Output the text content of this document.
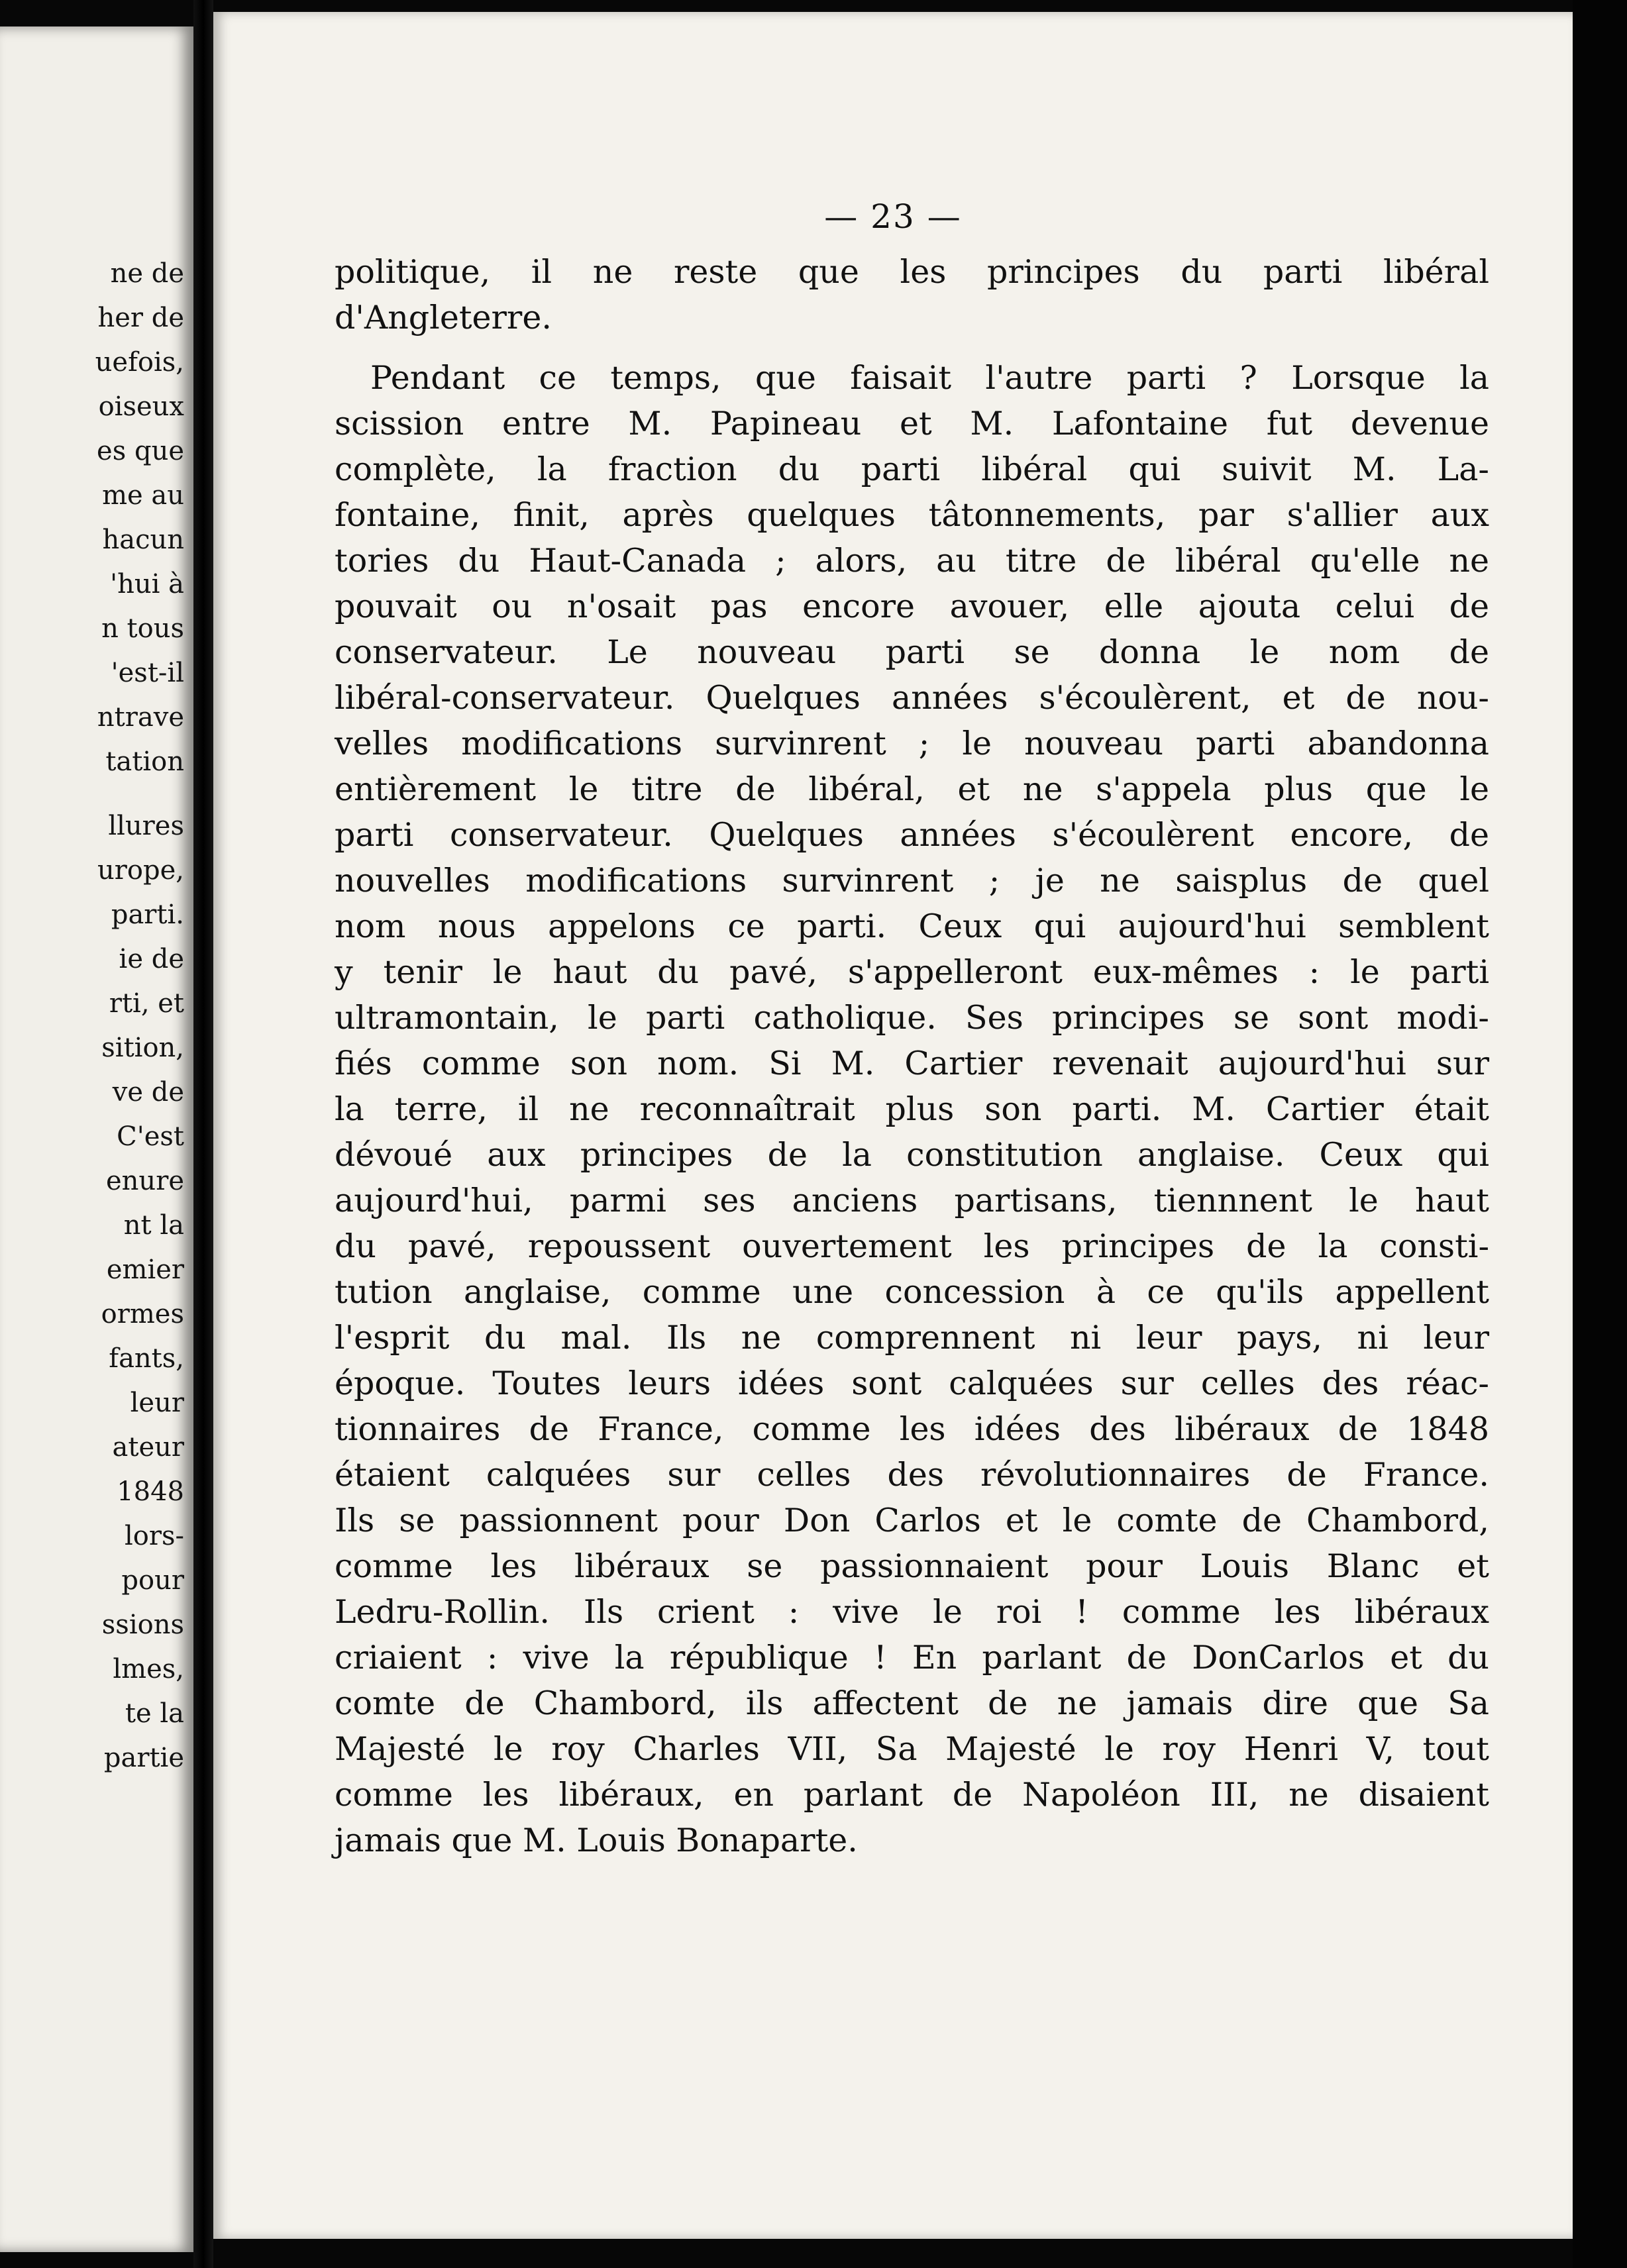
ne de
her de
uefois,
oiseux
es que
me au
hacun
'hui à
n tous
'est-il
ntrave
tation
llures
urope,
parti.
ie de
rti, et
sition,
ve de
C'est
enure
nt la
emier
ormes
fants,
leur
ateur
1848
lors-
pour
ssions
lmes,
te la
partie
— 23 —
politique, il ne reste que les principes du parti libéral
d'Angleterre.
Pendant ce temps, que faisait l'autre parti ? Lorsque la
scission entre M. Papineau et M. Lafontaine fut devenue
complète, la fraction du parti libéral qui suivit M. La-
fontaine, finit, après quelques tâtonnements, par s'allier aux
tories du Haut-Canada ; alors, au titre de libéral qu'elle ne
pouvait ou n'osait pas encore avouer, elle ajouta celui de
conservateur. Le nouveau parti se donna le nom de
libéral-conservateur. Quelques années s'écoulèrent, et de nou-
velles modifications survinrent ; le nouveau parti abandonna
entièrement le titre de libéral, et ne s'appela plus que le
parti conservateur. Quelques années s'écoulèrent encore, de
nouvelles modifications survinrent ; je ne saisplus de quel
nom nous appelons ce parti. Ceux qui aujourd'hui semblent
y tenir le haut du pavé, s'appelleront eux-mêmes : le parti
ultramontain, le parti catholique. Ses principes se sont modi-
fiés comme son nom. Si M. Cartier revenait aujourd'hui sur
la terre, il ne reconnaîtrait plus son parti. M. Cartier était
dévoué aux principes de la constitution anglaise. Ceux qui
aujourd'hui, parmi ses anciens partisans, tiennnent le haut
du pavé, repoussent ouvertement les principes de la consti-
tution anglaise, comme une concession à ce qu'ils appellent
l'esprit du mal. Ils ne comprennent ni leur pays, ni leur
époque. Toutes leurs idées sont calquées sur celles des réac-
tionnaires de France, comme les idées des libéraux de 1848
étaient calquées sur celles des révolutionnaires de France.
Ils se passionnent pour Don Carlos et le comte de Chambord,
comme les libéraux se passionnaient pour Louis Blanc et
Ledru-Rollin. Ils crient : vive le roi ! comme les libéraux
criaient : vive la république ! En parlant de DonCarlos et du
comte de Chambord, ils affectent de ne jamais dire que Sa
Majesté le roy Charles VII, Sa Majesté le roy Henri V, tout
comme les libéraux, en parlant de Napoléon III, ne disaient
jamais que M. Louis Bonaparte.
